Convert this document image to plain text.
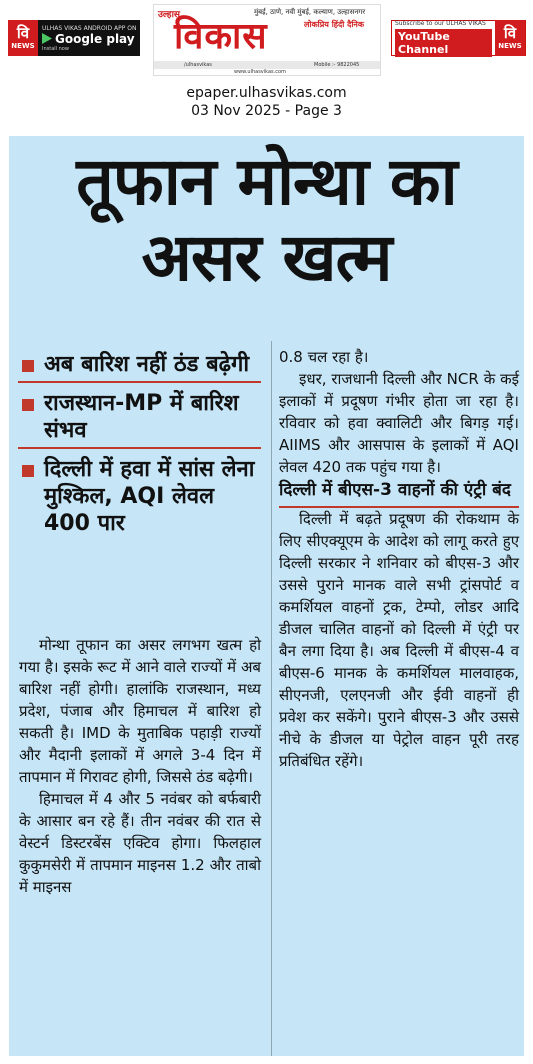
वि
NEWS
ULHAS VIKAS ANDROID APP ON
Google play
Install now
उल्हास	मुंबई, ठाणे, नवी मुंबई, कल्याण, उल्हासनगर
लोकप्रिय हिंदी दैनिक
विकास
/ulhasvikas	Mobile :- 9822045
www.ulhasvikas.com
Subscribe to our ULHAS VIKAS
YouTube Channel
वि
NEWS
epaper.ulhasvikas.com
03 Nov 2025 - Page 3
तूफान मोन्था का
असर खत्म
अब बारिश नहीं ठंड बढ़ेगी
राजस्थान-MP में बारिश संभव
दिल्ली में हवा में सांस लेना मुश्किल, AQI लेवल 400 पार

मोन्था तूफान का असर लगभग खत्म हो गया है। इसके रूट में आने वाले राज्यों में अब बारिश नहीं होगी। हालांकि राजस्थान, मध्य प्रदेश, पंजाब और हिमाचल में बारिश हो सकती है। IMD के मुताबिक पहाड़ी राज्यों और मैदानी इलाकों में अगले 3-4 दिन में तापमान में गिरावट होगी, जिससे ठंड बढ़ेगी।

हिमाचल में 4 और 5 नवंबर को बर्फबारी के आसार बन रहे हैं। तीन नवंबर की रात से वेस्टर्न डिस्टरबेंस एक्टिव होगा। फिलहाल कुकुमसेरी में तापमान माइनस 1.2 और ताबो में माइनस

0.8 चल रहा है।

इधर, राजधानी दिल्ली और NCR के कई इलाकों में प्रदूषण गंभीर होता जा रहा है। रविवार को हवा क्वालिटी और बिगड़ गई। AIIMS और आसपास के इलाकों में AQI लेवल 420 तक पहुंच गया है।

दिल्ली में बीएस-3 वाहनों की एंट्री बंद

दिल्ली में बढ़ते प्रदूषण की रोकथाम के लिए सीएक्यूएम के आदेश को लागू करते हुए दिल्ली सरकार ने शनिवार को बीएस-3 और उससे पुराने मानक वाले सभी ट्रांसपोर्ट व कमर्शियल वाहनों ट्रक, टेम्पो, लोडर आदि डीजल चालित वाहनों को दिल्ली में एंट्री पर बैन लगा दिया है। अब दिल्ली में बीएस-4 व बीएस-6 मानक के कमर्शियल मालवाहक, सीएनजी, एलएनजी और ईवी वाहनों ही प्रवेश कर सकेंगे। पुराने बीएस-3 और उससे नीचे के डीजल या पेट्रोल वाहन पूरी तरह प्रतिबंधित रहेंगे।
